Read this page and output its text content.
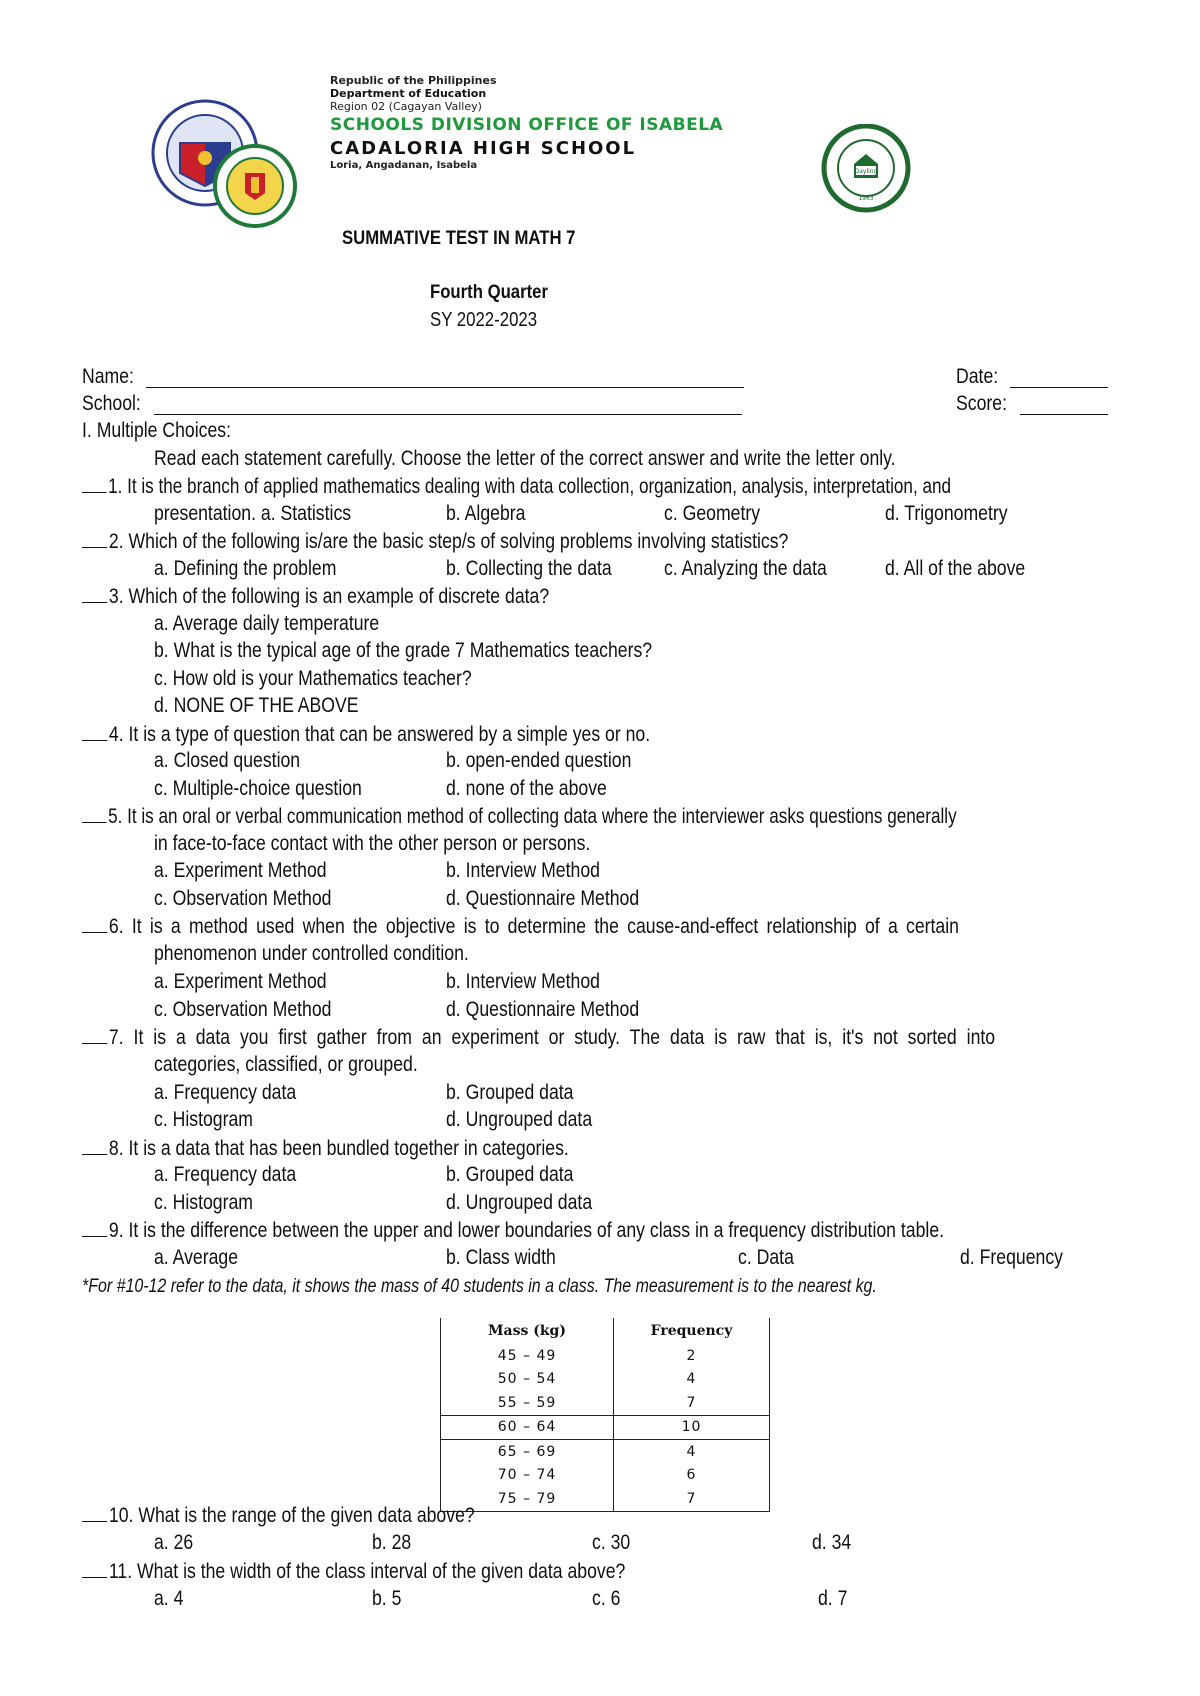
Republic of the Philippines
Department of Education
Region 02 (Cagayan Valley)
SCHOOLS DIVISION OFFICE OF ISABELA
CADALORIA HIGH SCHOOL
Loria, Angadanan, Isabela
Dayling
1963
SUMMATIVE TEST IN MATH 7
Fourth Quarter
SY 2022-2023
Name:	Date:
School:	Score:
I. Multiple Choices:
Read each statement carefully. Choose the letter of the correct answer and write the letter only.
1. It is the branch of applied mathematics dealing with data collection, organization, analysis, interpretation, and
presentation. a. Statistics	b. Algebra	c. Geometry	d. Trigonometry
2. Which of the following is/are the basic step/s of solving problems involving statistics?
a. Defining the problem	b. Collecting the data c. Analyzing the data	d. All of the above
3. Which of the following is an example of discrete data?
a. Average daily temperature
b. What is the typical age of the grade 7 Mathematics teachers?
c. How old is your Mathematics teacher?
d. NONE OF THE ABOVE
4. It is a type of question that can be answered by a simple yes or no.
a. Closed question	b. open-ended question
c. Multiple-choice question	d. none of the above
5. It is an oral or verbal communication method of collecting data where the interviewer asks questions generally
in face-to-face contact with the other person or persons.
a. Experiment Method	b. Interview Method
c. Observation Method	d. Questionnaire Method
6. It is a method used when the objective is to determine the cause-and-effect relationship of a certain
phenomenon under controlled condition.
a. Experiment Method	b. Interview Method
c. Observation Method	d. Questionnaire Method
7. It is a data you first gather from an experiment or study. The data is raw that is, it's not sorted into
categories, classified, or grouped.
a. Frequency data	b. Grouped data
c. Histogram	d. Ungrouped data
8. It is a data that has been bundled together in categories.
a. Frequency data	b. Grouped data
c. Histogram	d. Ungrouped data
9. It is the difference between the upper and lower boundaries of any class in a frequency distribution table.
a. Average	b. Class width	c. Data	d. Frequency
*For #10-12 refer to the data, it shows the mass of 40 students in a class. The measurement is to the nearest kg.
Mass (kg)	Frequency
45 – 49	2
50 – 54	4
55 – 59	7
60 – 64	10
65 – 69	4
70 – 74	6
75 – 79	7
10. What is the range of the given data above?
a. 26	b. 28	c. 30	d. 34
11. What is the width of the class interval of the given data above?
a. 4	b. 5	c. 6	d. 7
